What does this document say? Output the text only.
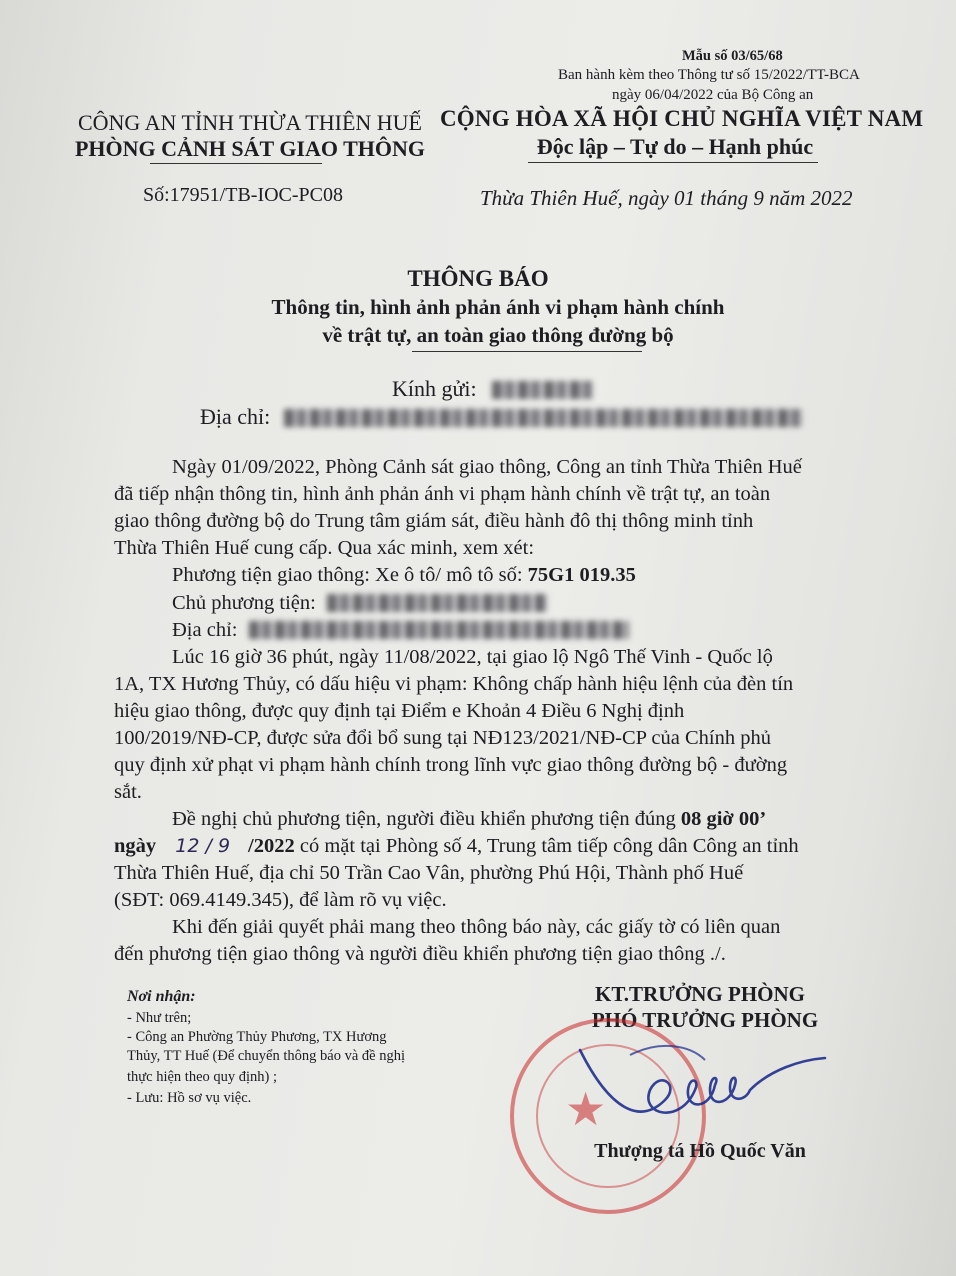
Mẫu số 03/65/68
Ban hành kèm theo Thông tư số 15/2022/TT-BCA
ngày 06/04/2022 của Bộ Công an
CÔNG AN TỈNH THỪA THIÊN HUẾ
PHÒNG CẢNH SÁT GIAO THÔNG
Số:17951/TB-IOC-PC08
CỘNG HÒA XÃ HỘI CHỦ NGHĨA VIỆT NAM
Độc lập – Tự do – Hạnh phúc
Thừa Thiên Huế, ngày 01 tháng 9 năm 2022
THÔNG BÁO
Thông tin, hình ảnh phản ánh vi phạm hành chính
về trật tự, an toàn giao thông đường bộ
Kính gửi:
Địa chỉ:
Ngày 01/09/2022, Phòng Cảnh sát giao thông, Công an tỉnh Thừa Thiên Huế
đã tiếp nhận thông tin, hình ảnh phản ánh vi phạm hành chính về trật tự, an toàn
giao thông đường bộ do Trung tâm giám sát, điều hành đô thị thông minh tỉnh
Thừa Thiên Huế cung cấp. Qua xác minh, xem xét:
Phương tiện giao thông: Xe ô tô/ mô tô số: 75G1 019.35
Chủ phương tiện:
Địa chỉ:
Lúc 16 giờ 36 phút, ngày 11/08/2022, tại giao lộ Ngô Thế Vinh - Quốc lộ
1A, TX Hương Thủy, có dấu hiệu vi phạm: Không chấp hành hiệu lệnh của đèn tín
hiệu giao thông, được quy định tại Điểm e Khoản 4 Điều 6 Nghị định
100/2019/NĐ-CP, được sửa đổi bổ sung tại NĐ123/2021/NĐ-CP của Chính phủ
quy định xử phạt vi phạm hành chính trong lĩnh vực giao thông đường bộ - đường
sắt.
Đề nghị chủ phương tiện, người điều khiển phương tiện đúng 08 giờ 00’
ngày 12 / 9 /2022 có mặt tại Phòng số 4, Trung tâm tiếp công dân Công an tỉnh
Thừa Thiên Huế, địa chỉ 50 Trần Cao Vân, phường Phú Hội, Thành phố Huế
(SĐT: 069.4149.345), để làm rõ vụ việc.
Khi đến giải quyết phải mang theo thông báo này, các giấy tờ có liên quan
đến phương tiện giao thông và người điều khiển phương tiện giao thông ./.
Nơi nhận:
- Như trên;
- Công an Phường Thủy Phương, TX Hương
Thủy, TT Huế (Để chuyển thông báo và đề nghị
thực hiện theo quy định) ;
- Lưu: Hồ sơ vụ việc.
KT.TRƯỞNG PHÒNG
PHÓ TRƯỞNG PHÒNG
★
Thượng tá Hồ Quốc Văn
